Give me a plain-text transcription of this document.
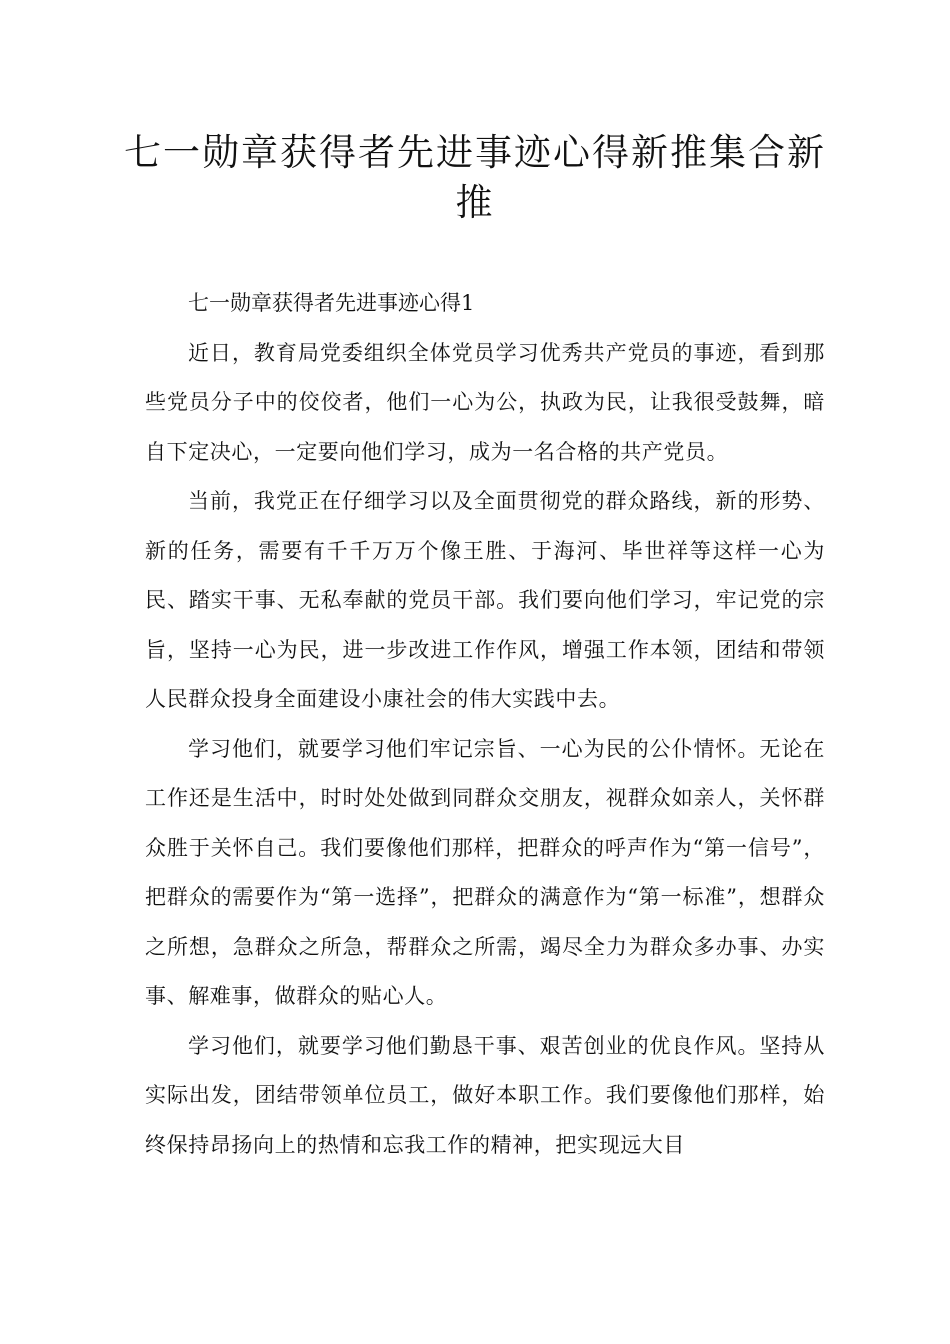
七一勋章获得者先进事迹心得新推集合新推

七一勋章获得者先进事迹心得1

近日，教育局党委组织全体党员学习优秀共产党员的事迹，看到那些党员分子中的佼佼者，他们一心为公，执政为民，让我很受鼓舞，暗自下定决心，一定要向他们学习，成为一名合格的共产党员。

当前，我党正在仔细学习以及全面贯彻党的群众路线，新的形势、新的任务，需要有千千万万个像王胜、于海河、毕世祥等这样一心为民、踏实干事、无私奉献的党员干部。我们要向他们学习，牢记党的宗旨，坚持一心为民，进一步改进工作作风，增强工作本领，团结和带领人民群众投身全面建设小康社会的伟大实践中去。

学习他们，就要学习他们牢记宗旨、一心为民的公仆情怀。无论在工作还是生活中，时时处处做到同群众交朋友，视群众如亲人，关怀群众胜于关怀自己。我们要像他们那样，把群众的呼声作为“第一信号”，把群众的需要作为“第一选择”，把群众的满意作为“第一标准”，想群众之所想，急群众之所急，帮群众之所需，竭尽全力为群众多办事、办实事、解难事，做群众的贴心人。

学习他们，就要学习他们勤恳干事、艰苦创业的优良作风。坚持从实际出发，团结带领单位员工，做好本职工作。我们要像他们那样，始终保持昂扬向上的热情和忘我工作的精神，把实现远大目
